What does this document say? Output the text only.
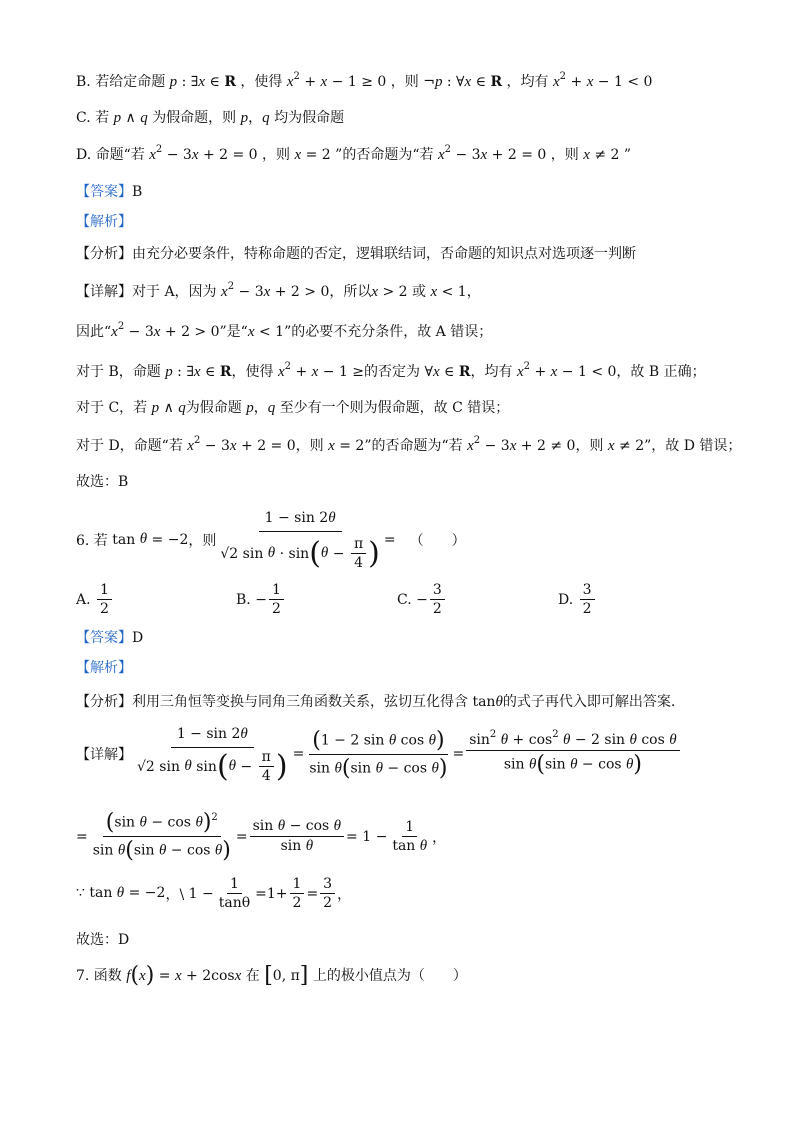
B. 若给定命题 p : ∃x ∈ R ，使得 $x^2 + x - 1 \ge 0$ ，则 ¬p : ∀x ∈ R ，均有 $x^2 + x - 1 < 0$
C. 若 p ∧ q 为假命题，则 p，q 均为假命题
D. 命题“若 $x^2 - 3x + 2 = 0$ ，则 x = 2 ”的否命题为“若 $x^2 - 3x + 2 = 0$ ，则 x ≠ 2 ”
【答案】B
【解析】
【分析】由充分必要条件，特称命题的否定，逻辑联结词，否命题的知识点对选项逐一判断
【详解】对于 A，因为 $x^2 - 3x + 2 > 0$，所以x > 2 或 x < 1，
因此“$x^2 - 3x + 2 > 0$”是“x < 1”的必要不充分条件，故 A 错误；
对于 B，命题 p : ∃x ∈ R，使得 $x^2 + x - 1$ ≥的否定为 ∀x ∈ R，均有 $x^2 + x - 1 < 0$，故 B 正确；
对于 C，若 p ∧ q为假命题 p，q 至少有一个则为假命题，故 C 错误；
对于 D，命题“若 $x^2 - 3x + 2 = 0$，则 x = 2”的否命题为“若 $x^2 - 3x + 2 \ne 0$，则 x ≠ 2”，故 D 错误；
故选：B
6. 若
tan
θ = −2 ，则 $\frac{1 - \sin 2\theta}{√2 \sin \theta \cdot \sin ( \theta - \frac{\pi}{4} )}$ = （　　）
A.
$\frac{1}{2}$	B.
− $\frac{1}{2}$	C.
− $\frac{3}{2}$	D.
$\frac{3}{2}$
【答案】D
【解析】
【分析】利用三角恒等变换与同角三角函数关系，弦切互化得含 tanθ的式子再代入即可解出答案.
【详解】 $\frac{1 - \sin 2\theta}{√2 \sin \theta \sin ( \theta - \frac{\pi}{4} )} = \frac{\text{(1 − 2 sin θ cos θ)}}{\text{sin θ(sin θ − cos θ)}} = \frac{\sin^2 \theta + \cos^2 \theta - 2 \sin \theta \cos \theta}{\text{sin θ(sin θ − cos θ)}}$
= $\frac{(\sin \theta - \cos \theta)^2}{\text{sin θ(sin θ − cos θ)}} = \frac{\text{sin θ − cos θ}}{\text{sin θ}} = 1 - \frac{1}{\text{tan θ}}$ ，
∵ tan θ = −2 ，\ $1 - \frac{1}{\tan\theta} =1+ \frac{1}{2} = \frac{3}{2}$ ，
故选：D
7. 函数 f(x) = x + 2cosx 在 [0, π] 上的极小值点为（　　）
